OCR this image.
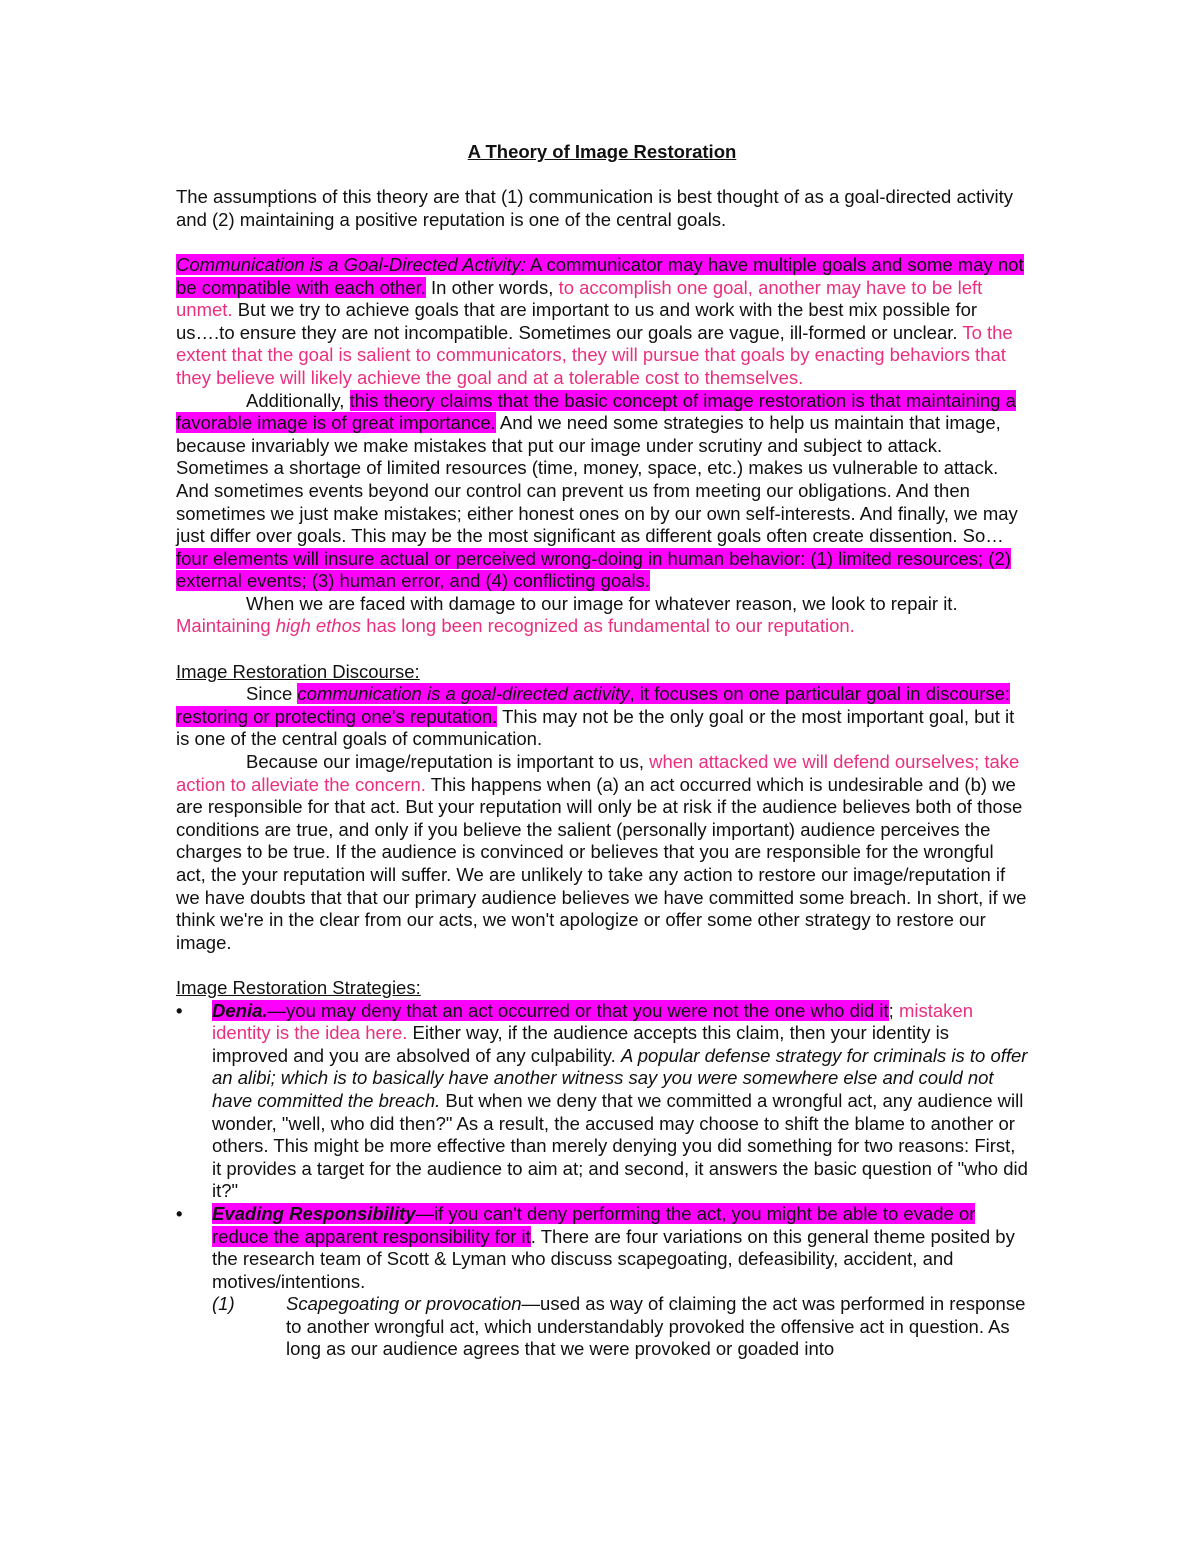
A Theory of Image Restoration

The assumptions of this theory are that (1) communication is best thought of as a goal-directed activity and (2) maintaining a positive reputation is one of the central goals.

Communication is a Goal-Directed Activity: A communicator may have multiple goals and some may not be compatible with each other. In other words, to accomplish one goal, another may have to be left unmet. But we try to achieve goals that are important to us and work with the best mix possible for us….to ensure they are not incompatible. Sometimes our goals are vague, ill-formed or unclear. To the extent that the goal is salient to communicators, they will pursue that goals by enacting behaviors that they believe will likely achieve the goal and at a tolerable cost to themselves.

Additionally, this theory claims that the basic concept of image restoration is that maintaining a favorable image is of great importance. And we need some strategies to help us maintain that image, because invariably we make mistakes that put our image under scrutiny and subject to attack. Sometimes a shortage of limited resources (time, money, space, etc.) makes us vulnerable to attack. And sometimes events beyond our control can prevent us from meeting our obligations. And then sometimes we just make mistakes; either honest ones on by our own self-interests. And finally, we may just differ over goals. This may be the most significant as different goals often create dissention. So…four elements will insure actual or perceived wrong-doing in human behavior: (1) limited resources; (2) external events; (3) human error, and (4) conflicting goals.

When we are faced with damage to our image for whatever reason, we look to repair it. Maintaining high ethos has long been recognized as fundamental to our reputation.

Image Restoration Discourse:

Since communication is a goal-directed activity, it focuses on one particular goal in discourse: restoring or protecting one's reputation. This may not be the only goal or the most important goal, but it is one of the central goals of communication.

Because our image/reputation is important to us, when attacked we will defend ourselves; take action to alleviate the concern. This happens when (a) an act occurred which is undesirable and (b) we are responsible for that act. But your reputation will only be at risk if the audience believes both of those conditions are true, and only if you believe the salient (personally important) audience perceives the charges to be true. If the audience is convinced or believes that you are responsible for the wrongful act, the your reputation will suffer. We are unlikely to take any action to restore our image/reputation if we have doubts that that our primary audience believes we have committed some breach. In short, if we think we're in the clear from our acts, we won't apologize or offer some other strategy to restore our image.

Image Restoration Strategies:

• Denia.—you may deny that an act occurred or that you were not the one who did it; mistaken identity is the idea here. Either way, if the audience accepts this claim, then your identity is improved and you are absolved of any culpability. A popular defense strategy for criminals is to offer an alibi; which is to basically have another witness say you were somewhere else and could not have committed the breach. But when we deny that we committed a wrongful act, any audience will wonder, "well, who did then?" As a result, the accused may choose to shift the blame to another or others. This might be more effective than merely denying you did something for two reasons: First, it provides a target for the audience to aim at; and second, it answers the basic question of "who did it?"
• Evading Responsibility—if you can't deny performing the act, you might be able to evade or reduce the apparent responsibility for it. There are four variations on this general theme posited by the research team of Scott & Lyman who discuss scapegoating, defeasibility, accident, and motives/intentions.
(1)	Scapegoating or provocation—used as way of claiming the act was performed in response to another wrongful act, which understandably provoked the offensive act in question. As long as our audience agrees that we were provoked or goaded into
